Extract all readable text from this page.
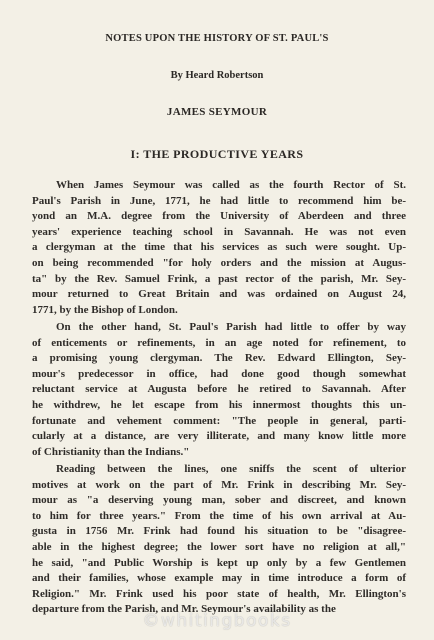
NOTES UPON THE HISTORY OF ST. PAUL'S
By Heard Robertson
JAMES SEYMOUR
I: THE PRODUCTIVE YEARS
When James Seymour was called as the fourth Rector of St.
Paul's Parish in June, 1771, he had little to recommend him be-
yond an M.A. degree from the University of Aberdeen and three
years' experience teaching school in Savannah. He was not even
a clergyman at the time that his services as such were sought. Up-
on being recommended "for holy orders and the mission at Augus-
ta" by the Rev. Samuel Frink, a past rector of the parish, Mr. Sey-
mour returned to Great Britain and was ordained on August 24,
1771, by the Bishop of London.
On the other hand, St. Paul's Parish had little to offer by way
of enticements or refinements, in an age noted for refinement, to
a promising young clergyman. The Rev. Edward Ellington, Sey-
mour's predecessor in office, had done good though somewhat
reluctant service at Augusta before he retired to Savannah. After
he withdrew, he let escape from his innermost thoughts this un-
fortunate and vehement comment: "The people in general, parti-
cularly at a distance, are very illiterate, and many know little more
of Christianity than the Indians."
Reading between the lines, one sniffs the scent of ulterior
motives at work on the part of Mr. Frink in describing Mr. Sey-
mour as "a deserving young man, sober and discreet, and known
to him for three years." From the time of his own arrival at Au-
gusta in 1756 Mr. Frink had found his situation to be "disagree-
able in the highest degree; the lower sort have no religion at all,"
he said, "and Public Worship is kept up only by a few Gentlemen
and their families, whose example may in time introduce a form of
Religion." Mr. Frink used his poor state of health, Mr. Ellington's
departure from the Parish, and Mr. Seymour's availability as the
©whitingbooks
